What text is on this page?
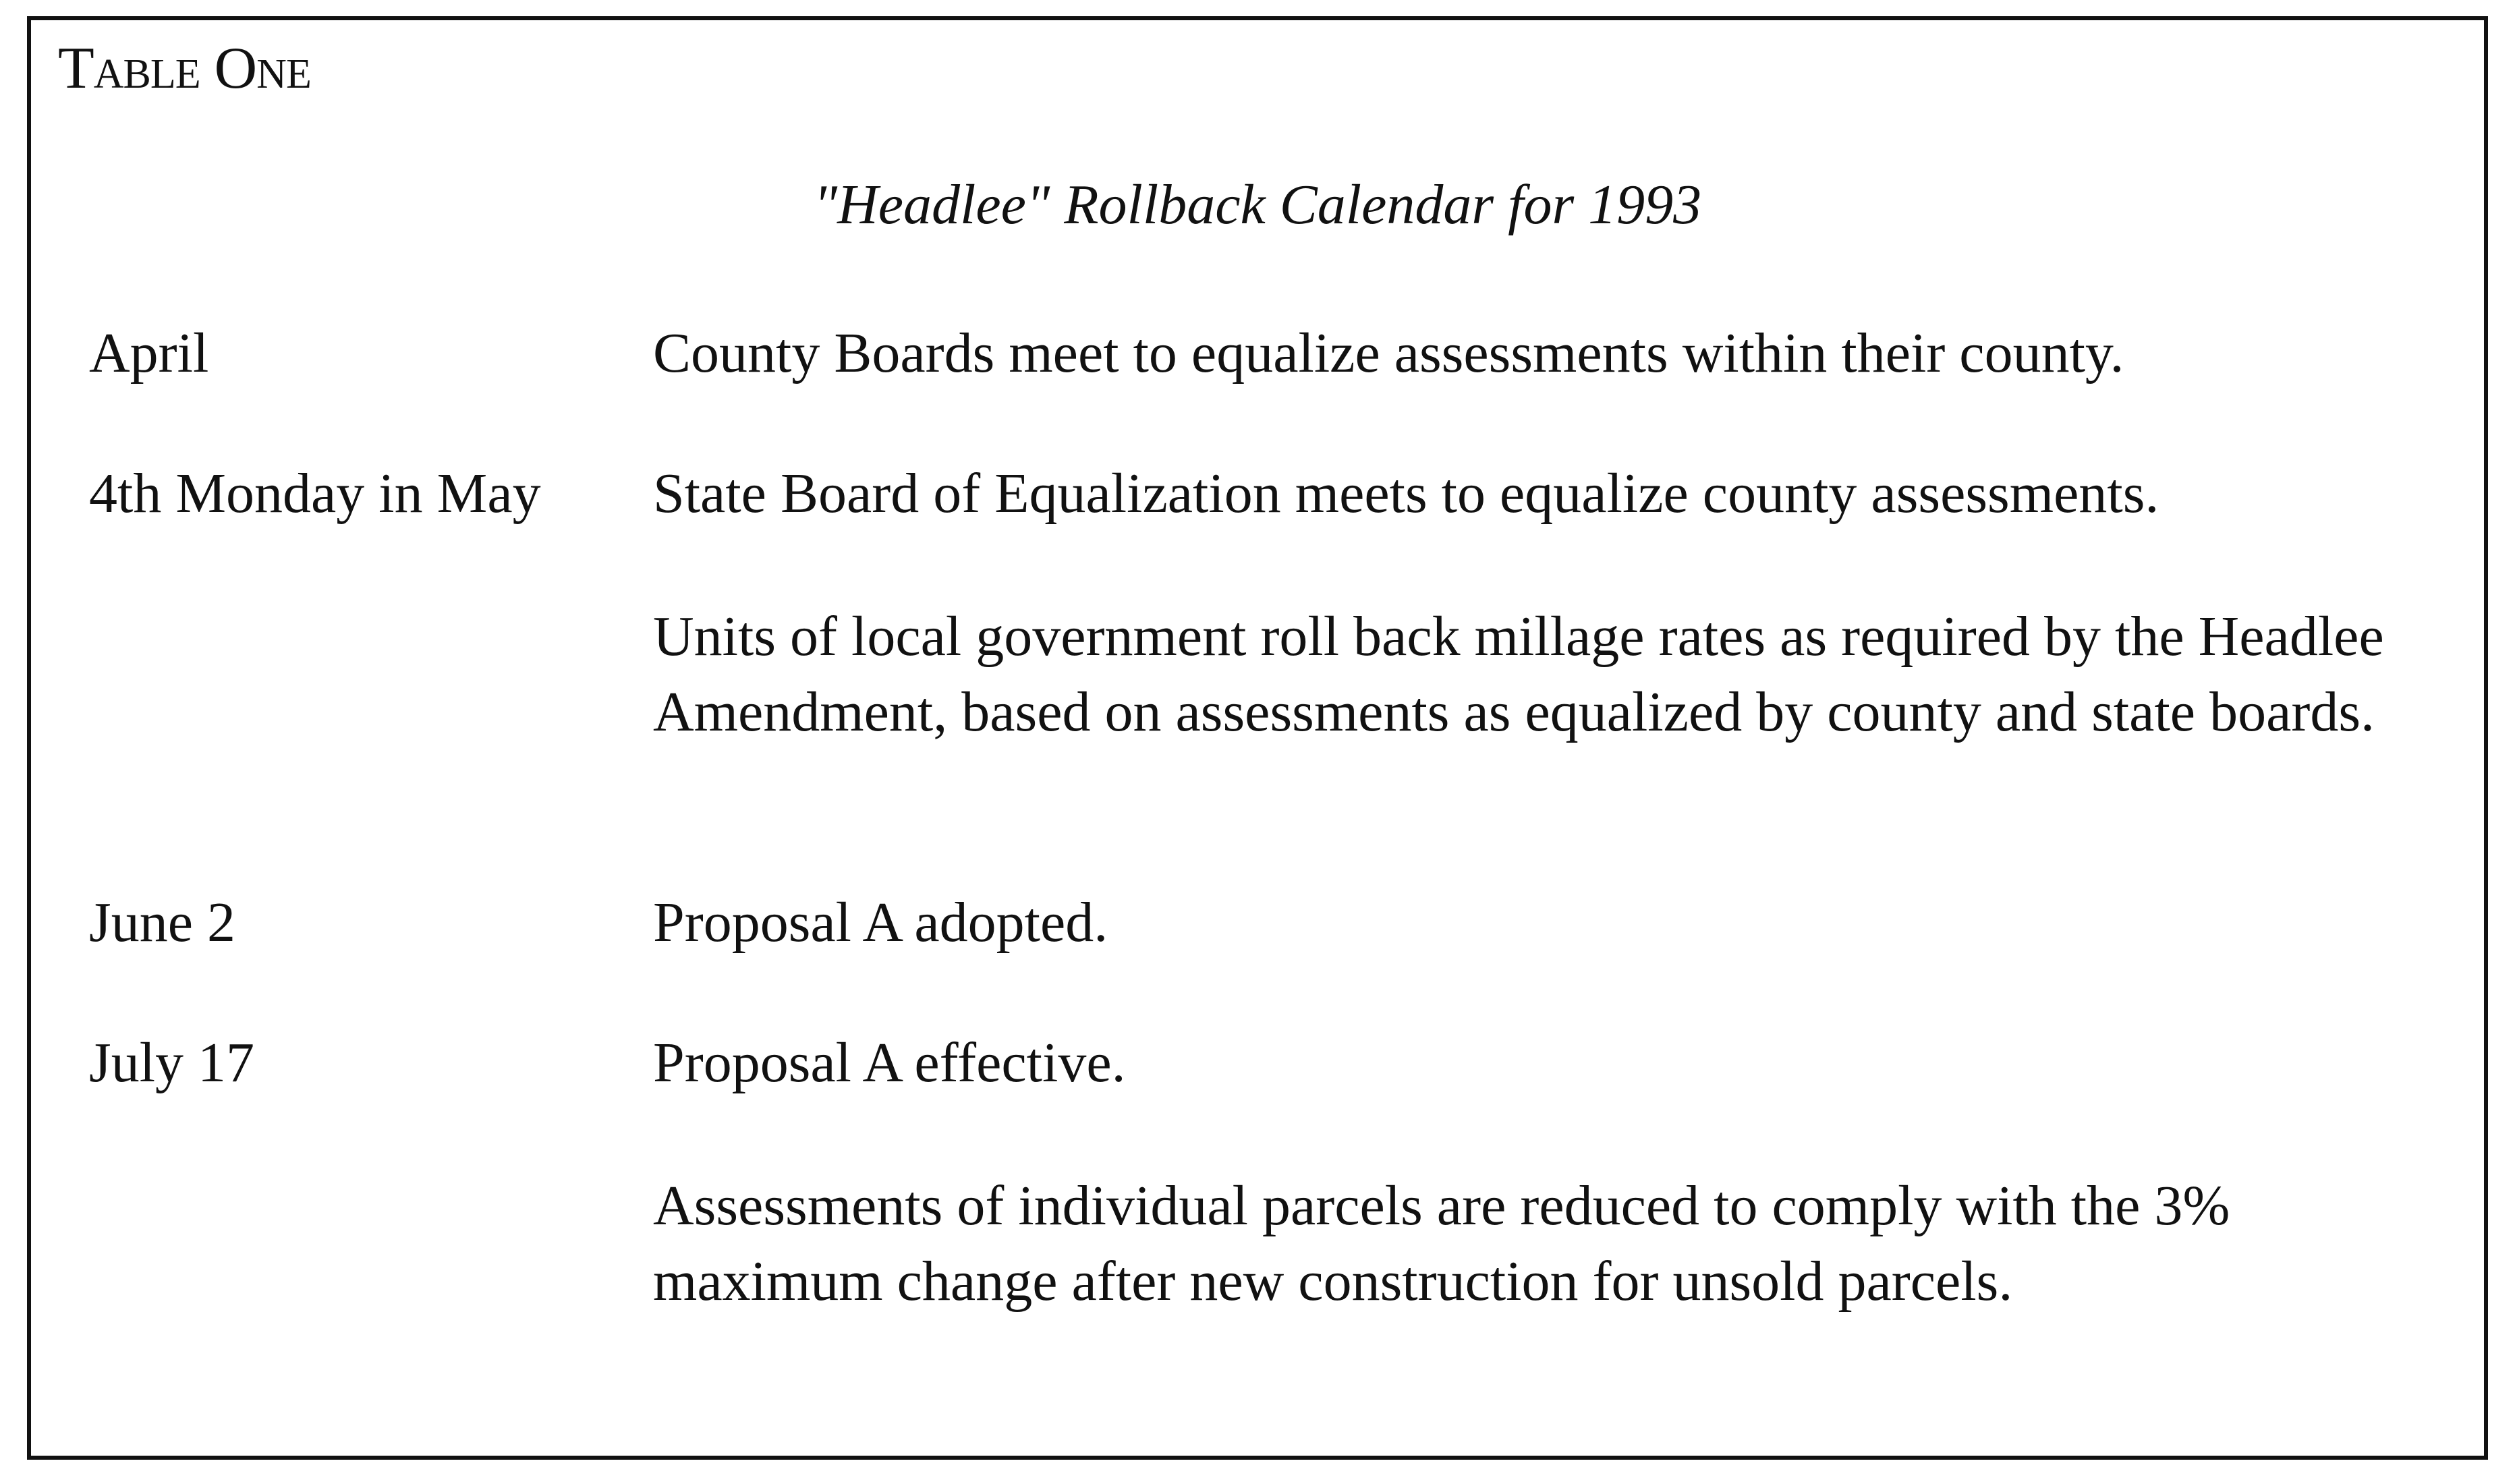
Table One
"Headlee" Rollback Calendar for 1993
April	County Boards meet to equalize assessments within their county.

4th Monday in May State Board of Equalization meets to equalize county assessments.

Units of local government roll back millage rates as required by the Headlee Amendment, based on assessments as equalized by county and state boards.

June 2	Proposal A adopted.

July 17	Proposal A effective.

Assessments of individual parcels are reduced to comply with the 3% maximum change after new construction for unsold parcels.
